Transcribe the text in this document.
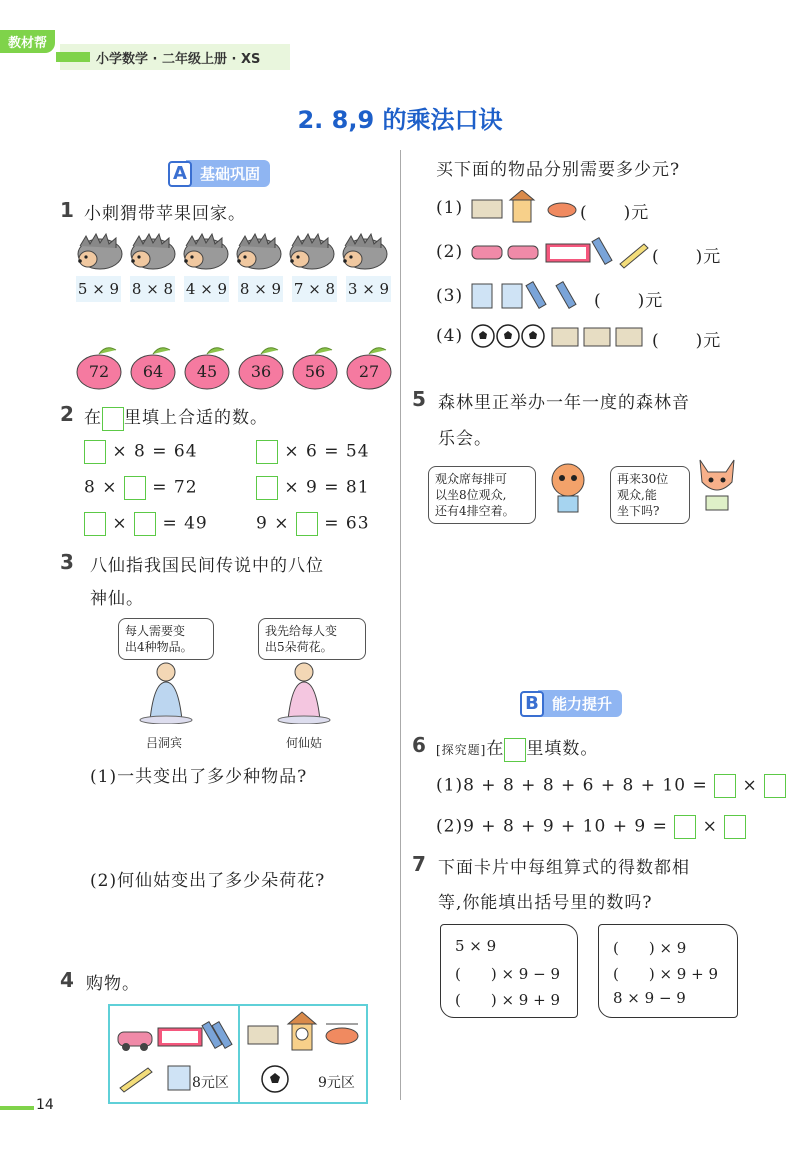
教材帮
小学数学 · 二年级上册 · XS
2. 8,9 的乘法口诀
A 基础巩固
1 小刺猬带苹果回家。
5 × 9 8 × 8 4 × 9 8 × 9 7 × 8 3 × 9
72	64	45	36	56	27
2 在 里填上合适的数。
× 8 = 64	× 6 = 54
8 × = 72	× 9 = 81
× = 49	9 × = 63
3 八仙指我国民间传说中的八位
神仙。
每人需要变
出4种物品。
我先给每人变
出5朵荷花。
吕洞宾	何仙姑
(1)一共变出了多少种物品?
(2)何仙姑变出了多少朵荷花?
4 购物。
8元区	9元区
买下面的物品分别需要多少元?
(1)	(　　)元
(2)	(　　)元
(3)	(　　)元
(4)	(　　)元
5 森林里正举办一年一度的森林音
乐会。
观众席每排可
以坐8位观众,
还有4排空着。
再来30位
观众,能
坐下吗?
B 能力提升
6 [探究题]在 里填数。
(1)8 + 8 + 8 + 6 + 8 + 10 = ×
(2)9 + 8 + 9 + 10 + 9 = ×
7 下面卡片中每组算式的得数都相
等,你能填出括号里的数吗?
5 × 9
(　　) × 9 − 9
(　　) × 9 + 9
(　　) × 9
(　　) × 9 + 9
8 × 9 − 9
14
